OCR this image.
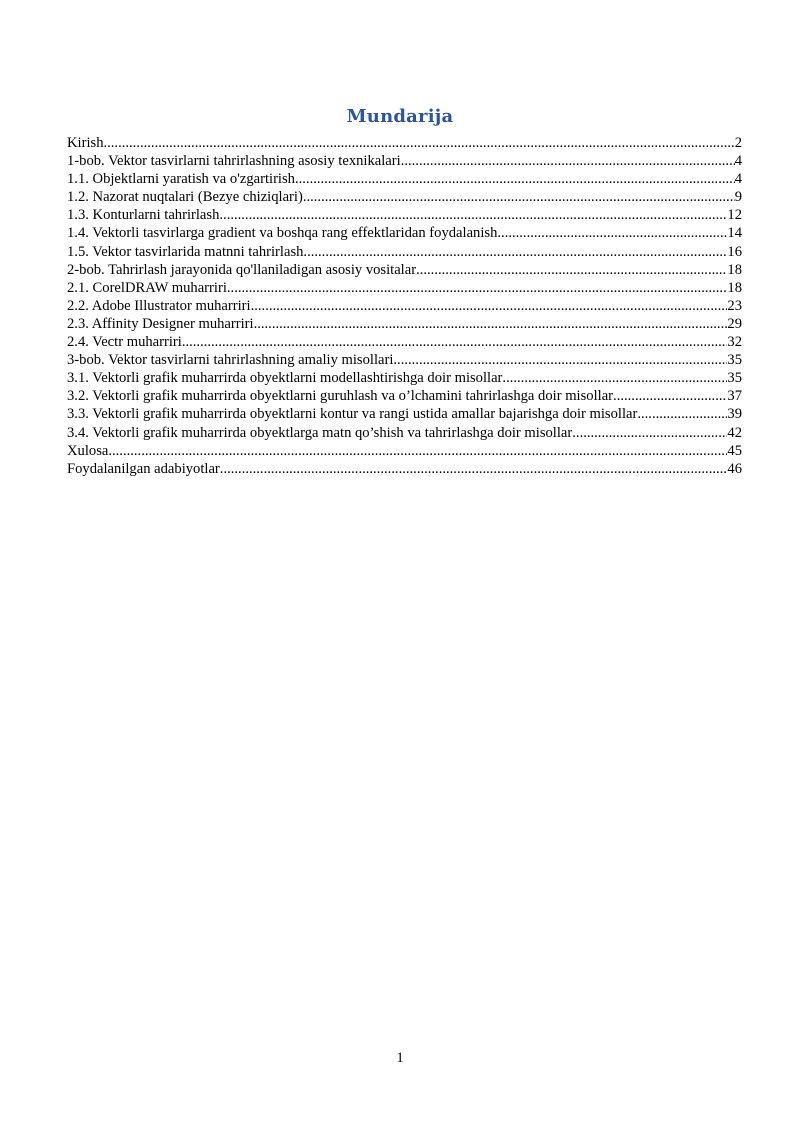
Mundarija
Kirish .....	2
1-bob. Vektor tasvirlarni tahrirlashning asosiy texnikalari .....	4
1.1. Objektlarni yaratish va o'zgartirish .....	4
1.2. Nazorat nuqtalari (Bezye chiziqlari) .....	9
1.3. Konturlarni tahrirlash .....	12
1.4. Vektorli tasvirlarga gradient va boshqa rang effektlaridan foydalanish .....	14
1.5. Vektor tasvirlarida matnni tahrirlash .....	16
2-bob. Tahrirlash jarayonida qo'llaniladigan asosiy vositalar .....	18
2.1. CorelDRAW muharriri .....	18
2.2. Adobe Illustrator muharriri .....	23
2.3. Affinity Designer muharriri .....	29
2.4. Vectr muharriri .....	32
3-bob. Vektor tasvirlarni tahrirlashning amaliy misollari .....	35
3.1. Vektorli grafik muharrirda obyektlarni modellashtirishga doir misollar .....	35
3.2. Vektorli grafik muharrirda obyektlarni guruhlash va o’lchamini tahrirlashga doir misollar .....	37
3.3. Vektorli grafik muharrirda obyektlarni kontur va rangi ustida amallar bajarishga doir misollar .....	39
3.4. Vektorli grafik muharrirda obyektlarga matn qo’shish va tahrirlashga doir misollar .....	42
Xulosa .....	45
Foydalanilgan adabiyotlar .....	46
1
